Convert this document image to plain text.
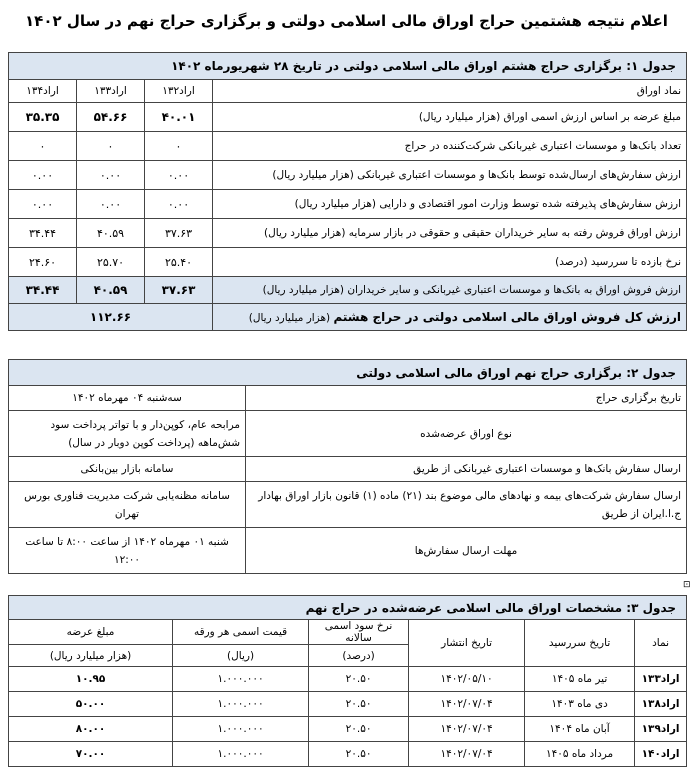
اعلام نتیجه هشتمین حراج اوراق مالی اسلامی دولتی و برگزاری حراج نهم در سال ۱۴۰۲
جدول ۱: برگزاری حراج هشتم اوراق مالی اسلامی دولتی در تاریخ ۲۸ شهریورماه ۱۴۰۲			
نماد اوراق	اراد۱۳۲	اراد۱۳۳	اراد۱۳۴
مبلغ عرضه بر اساس ارزش اسمی اوراق (هزار میلیارد ریال)	۴۰.۰۱	۵۴.۶۶	۳۵.۳۵
تعداد بانک‌ها و موسسات اعتباری غیربانکی شرکت‌کننده در حراج	۰	۰	۰
ارزش سفارش‌های ارسال‌شده توسط بانک‌ها و موسسات اعتباری غیربانکی (هزار میلیارد ریال)	۰.۰۰	۰.۰۰	۰.۰۰
ارزش سفارش‌های پذیرفته شده توسط وزارت امور اقتصادی و دارایی (هزار میلیارد ریال)	۰.۰۰	۰.۰۰	۰.۰۰
ارزش اوراق فروش رفته به سایر خریداران حقیقی و حقوقی در بازار سرمایه (هزار میلیارد ریال)	۳۷.۶۳	۴۰.۵۹	۳۴.۴۴
نرخ بازده تا سررسید (درصد)	۲۵.۴۰	۲۵.۷۰	۲۴.۶۰
ارزش فروش اوراق به بانک‌ها و موسسات اعتباری غیربانکی و سایر خریداران (هزار میلیارد ریال)	۳۷.۶۳	۴۰.۵۹	۳۴.۴۴
ارزش کل فروش اوراق مالی اسلامی دولتی در حراج هشتم (هزار میلیارد ریال)	۱۱۲.۶۶		
جدول ۲: برگزاری حراج نهم اوراق مالی اسلامی دولتی	
تاریخ برگزاری حراج	سه‌شنبه ۰۴ مهرماه ۱۴۰۲
نوع اوراق عرضه‌شده	مرابحه عام، کوپن‌دار و با تواتر پرداخت سود شش‌ماهه (پرداخت کوپن دوبار در سال)
ارسال سفارش بانک‌ها و موسسات اعتباری غیربانکی از طریق	سامانه بازار بین‌بانکی
ارسال سفارش شرکت‌های بیمه و نهادهای مالی موضوع بند (۲۱) ماده (۱) قانون بازار اوراق بهادار ج.ا.ایران از طریق	سامانه مظنه‌یابی شرکت مدیریت فناوری بورس تهران
مهلت ارسال سفارش‌ها	شنبه ۰۱ مهرماه ۱۴۰۲ از ساعت ۸:۰۰ تا ساعت ۱۲:۰۰
⊡
جدول ۳: مشخصات اوراق مالی اسلامی عرضه‌شده در حراج نهم					
نماد	تاریخ سررسید	تاریخ انتشار	نرخ سود اسمی سالانه	قیمت اسمی هر ورقه	مبلغ عرضه
			(درصد)	(ریال)	(هزار میلیارد ریال)
اراد۱۳۳	تیر ماه ۱۴۰۵	۱۴۰۲/۰۵/۱۰	۲۰.۵۰	۱.۰۰۰.۰۰۰	۱۰.۹۵
اراد۱۳۸	دی ماه ۱۴۰۳	۱۴۰۲/۰۷/۰۴	۲۰.۵۰	۱.۰۰۰.۰۰۰	۵۰.۰۰
اراد۱۳۹	آبان ماه ۱۴۰۴	۱۴۰۲/۰۷/۰۴	۲۰.۵۰	۱.۰۰۰.۰۰۰	۸۰.۰۰
اراد۱۴۰	مرداد ماه ۱۴۰۵	۱۴۰۲/۰۷/۰۴	۲۰.۵۰	۱.۰۰۰.۰۰۰	۷۰.۰۰
